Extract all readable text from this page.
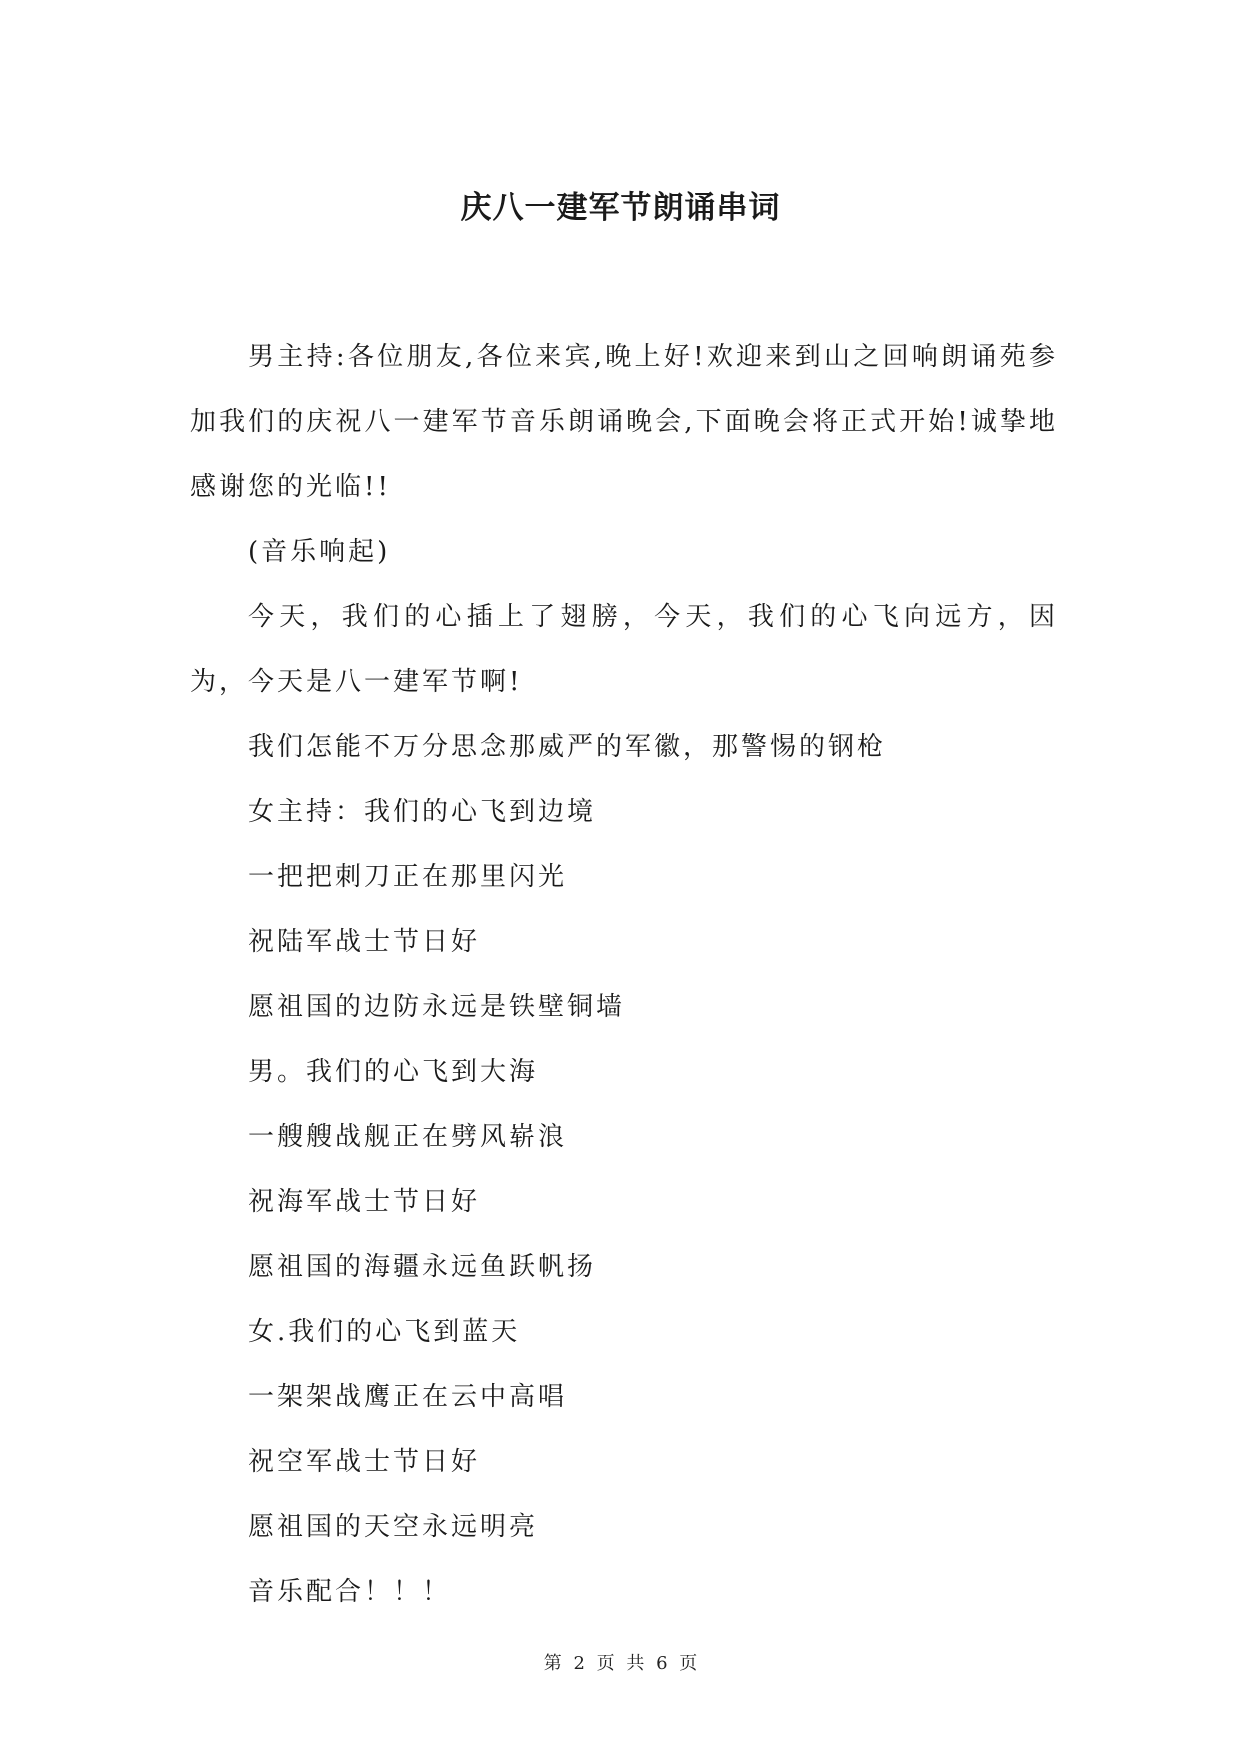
庆八一建军节朗诵串词

男主持:各位朋友,各位来宾,晚上好!欢迎来到山之回响朗诵苑参加我们的庆祝八一建军节音乐朗诵晚会,下面晚会将正式开始!诚挚地感谢您的光临!!

(音乐响起)

今天，我们的心插上了翅膀，今天，我们的心飞向远方，因为，今天是八一建军节啊!

我们怎能不万分思念那威严的军徽，那警惕的钢枪

女主持：我们的心飞到边境

一把把刺刀正在那里闪光

祝陆军战士节日好

愿祖国的边防永远是铁壁铜墙

男。我们的心飞到大海

一艘艘战舰正在劈风崭浪

祝海军战士节日好

愿祖国的海疆永远鱼跃帆扬

女.我们的心飞到蓝天

一架架战鹰正在云中高唱

祝空军战士节日好

愿祖国的天空永远明亮

音乐配合！！！

第 2 页 共 6 页
